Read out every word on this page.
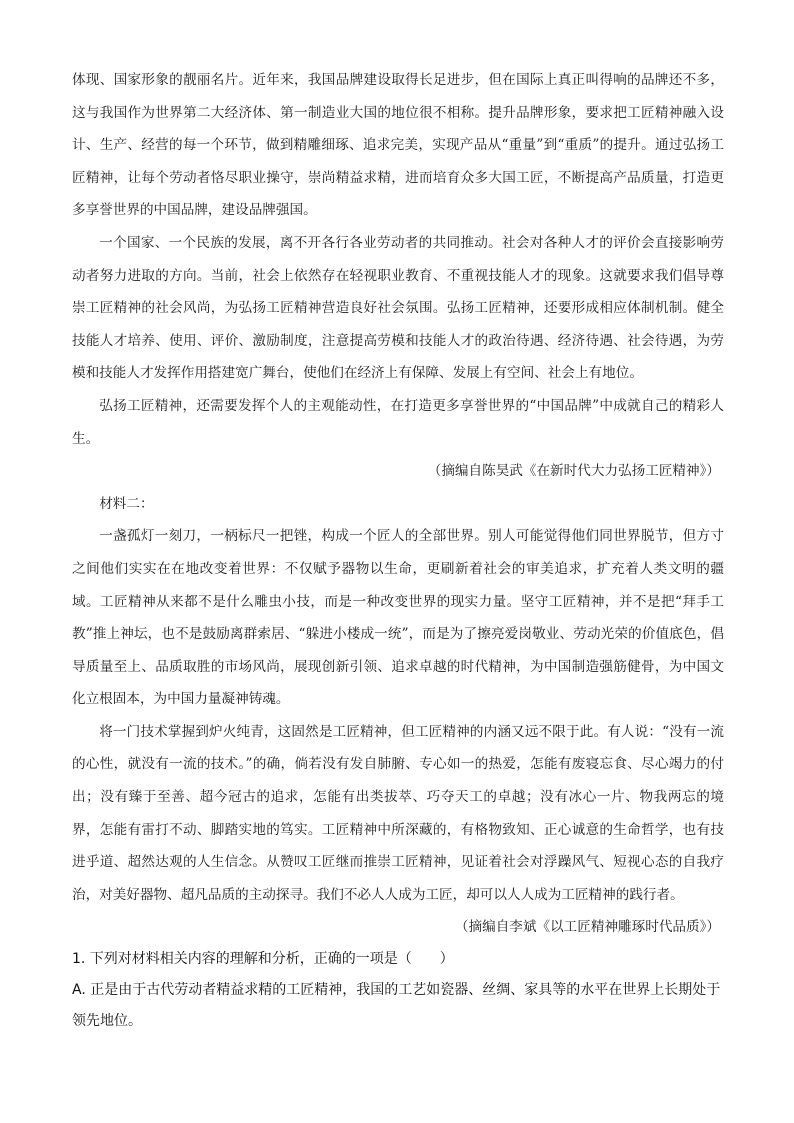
体现、国家形象的靓丽名片。近年来，我国品牌建设取得长足进步，但在国际上真正叫得响的品牌还不多，这与我国作为世界第二大经济体、第一制造业大国的地位很不相称。提升品牌形象，要求把工匠精神融入设计、生产、经营的每一个环节，做到精雕细琢、追求完美，实现产品从“重量”到“重质”的提升。通过弘扬工匠精神，让每个劳动者恪尽职业操守，崇尚精益求精，进而培育众多大国工匠，不断提高产品质量，打造更多享誉世界的中国品牌，建设品牌强国。

一个国家、一个民族的发展，离不开各行各业劳动者的共同推动。社会对各种人才的评价会直接影响劳动者努力进取的方向。当前，社会上依然存在轻视职业教育、不重视技能人才的现象。这就要求我们倡导尊崇工匠精神的社会风尚，为弘扬工匠精神营造良好社会氛围。弘扬工匠精神，还要形成相应体制机制。健全技能人才培养、使用、评价、激励制度，注意提高劳模和技能人才的政治待遇、经济待遇、社会待遇，为劳模和技能人才发挥作用搭建宽广舞台，使他们在经济上有保障、发展上有空间、社会上有地位。

弘扬工匠精神，还需要发挥个人的主观能动性，在打造更多享誉世界的“中国品牌”中成就自己的精彩人生。

（摘编自陈昊武《在新时代大力弘扬工匠精神》）

材料二：

一盏孤灯一刻刀，一柄标尺一把锉，构成一个匠人的全部世界。别人可能觉得他们同世界脱节，但方寸之间他们实实在在地改变着世界：不仅赋予器物以生命，更刷新着社会的审美追求，扩充着人类文明的疆域。工匠精神从来都不是什么雕虫小技，而是一种改变世界的现实力量。坚守工匠精神，并不是把“拜手工教”推上神坛，也不是鼓励离群索居、“躲进小楼成一统”，而是为了擦亮爱岗敬业、劳动光荣的价值底色，倡导质量至上、品质取胜的市场风尚，展现创新引领、追求卓越的时代精神，为中国制造强筋健骨，为中国文化立根固本，为中国力量凝神铸魂。

将一门技术掌握到炉火纯青，这固然是工匠精神，但工匠精神的内涵又远不限于此。有人说：“没有一流的心性，就没有一流的技术。”的确，倘若没有发自肺腑、专心如一的热爱，怎能有废寝忘食、尽心竭力的付出；没有臻于至善、超今冠古的追求，怎能有出类拔萃、巧夺天工的卓越；没有冰心一片、物我两忘的境界，怎能有雷打不动、脚踏实地的笃实。工匠精神中所深藏的，有格物致知、正心诚意的生命哲学，也有技进乎道、超然达观的人生信念。从赞叹工匠继而推崇工匠精神，见证着社会对浮躁风气、短视心态的自我疗治，对美好器物、超凡品质的主动探寻。我们不必人人成为工匠，却可以人人成为工匠精神的践行者。

（摘编自李斌《以工匠精神雕琢时代品质》）

1. 下列对材料相关内容的理解和分析，正确的一项是（　　）

A. 正是由于古代劳动者精益求精的工匠精神，我国的工艺如瓷器、丝绸、家具等的水平在世界上长期处于领先地位。
